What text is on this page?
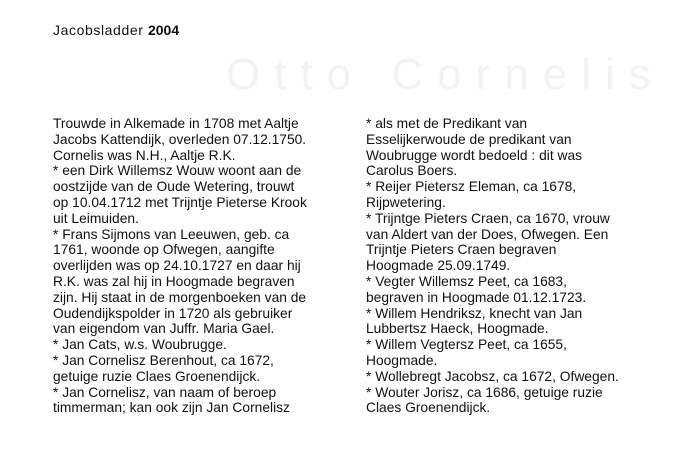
Jacobsladder 2004
Otto Cornelis
Trouwde in Alkemade in 1708 met Aaltje
Jacobs Kattendijk, overleden 07.12.1750.
Cornelis was N.H., Aaltje R.K.
* een Dirk Willemsz Wouw woont aan de
oostzijde van de Oude Wetering, trouwt
op 10.04.1712 met Trijntje Pieterse Krook
uit Leimuiden.
* Frans Sijmons van Leeuwen, geb. ca
1761, woonde op Ofwegen, aangifte
overlijden was op 24.10.1727 en daar hij
R.K. was zal hij in Hoogmade begraven
zijn. Hij staat in de morgenboeken van de
Oudendijkspolder in 1720 als gebruiker
van eigendom van Juffr. Maria Gael.
* Jan Cats, w.s. Woubrugge.
* Jan Cornelisz Berenhout, ca 1672,
getuige ruzie Claes Groenendijck.
* Jan Cornelisz, van naam of beroep
timmerman; kan ook zijn Jan Cornelisz
* als met de Predikant van
Esselijkerwoude de predikant van
Woubrugge wordt bedoeld : dit was
Carolus Boers.
* Reijer Pietersz Eleman, ca 1678,
Rijpwetering.
* Trijntge Pieters Craen, ca 1670, vrouw
van Aldert van der Does, Ofwegen. Een
Trijntje Pieters Craen begraven
Hoogmade 25.09.1749.
* Vegter Willemsz Peet, ca 1683,
begraven in Hoogmade 01.12.1723.
* Willem Hendriksz, knecht van Jan
Lubbertsz Haeck, Hoogmade.
* Willem Vegtersz Peet, ca 1655,
Hoogmade.
* Wollebregt Jacobsz, ca 1672, Ofwegen.
* Wouter Jorisz, ca 1686, getuige ruzie
Claes Groenendijck.
